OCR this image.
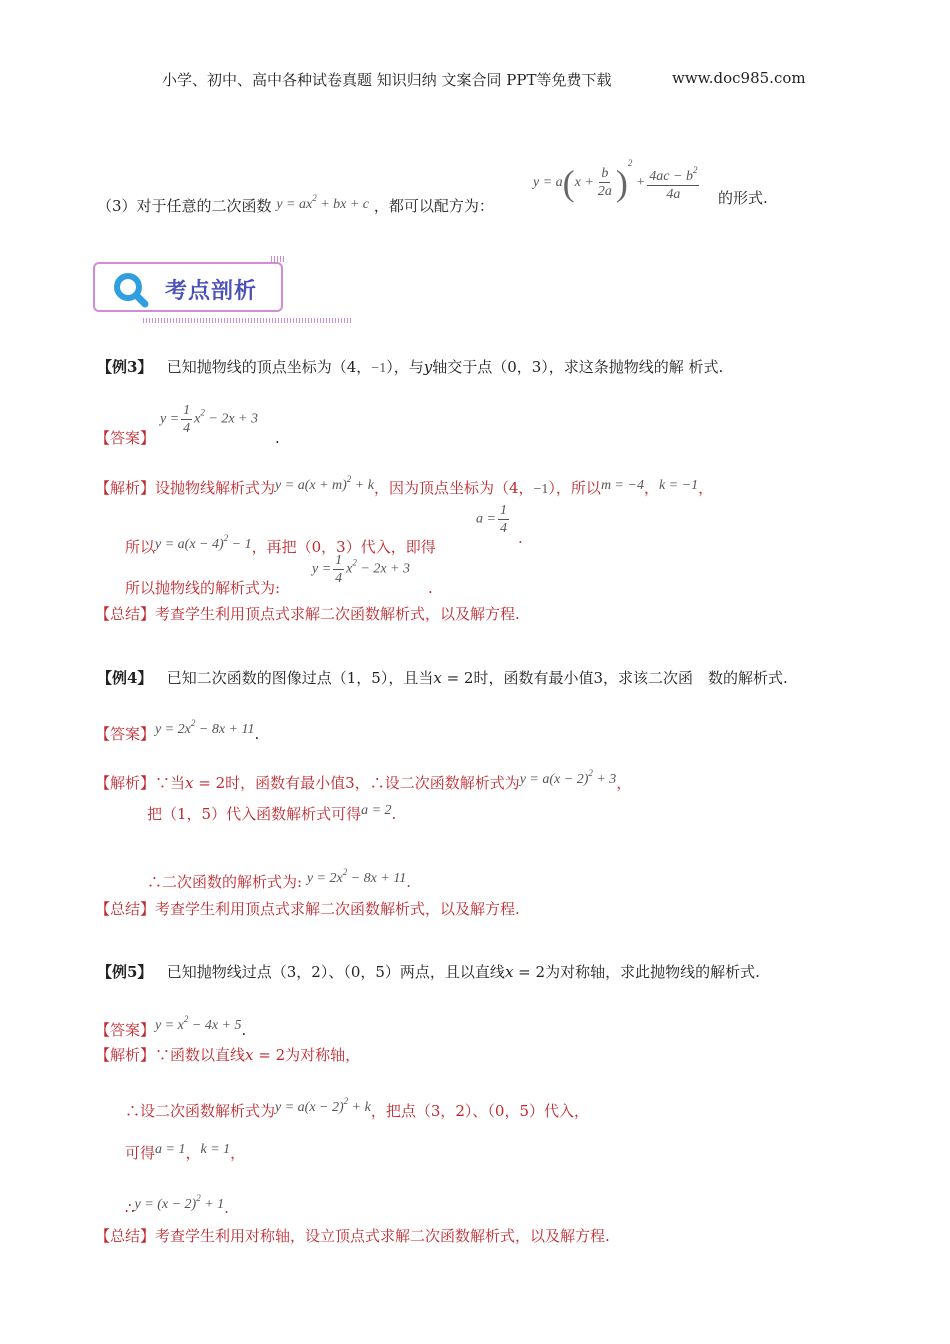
小学、初中、高中各种试卷真题 知识归纳 文案合同 PPT等免费下载	www.doc985.com
（3）对于任意的二次函数 $y = ax^2$ + bx + c ，都可以配方为：
$y = a(x + \frac{b}{2a} )^2 + \frac{4ac - b^2}{4a}$ 的形式.
考点剖析
【例3】 已知抛物线的顶点坐标为（4，−1），与y轴交于点（0，3），求这条抛物线的解 析式.
【答案】
$y = \frac{1}{4} x^2 - 2x + 3$
.
【解析】设抛物线解析式为$y = a(x + m)^2 + k$，因为顶点坐标为（4，−1），所以m = −4，k = −1，
所以$y = a(x - 4)^2 - 1$，再把（0，3）代入，即得
$a = \frac{1}{4}$
.
所以抛物线的解析式为:
$y = \frac{1}{4} x^2 - 2x + 3$
.
【总结】考查学生利用顶点式求解二次函数解析式，以及解方程.
【例4】 已知二次函数的图像过点（1，5），且当x = 2时，函数有最小值3，求该二次函　数的解析式.
【答案】$y = 2x^2 - 8x + 11$.
【解析】∵当x = 2时，函数有最小值3，∴设二次函数解析式为$y = a(x - 2)^2 + 3$，
把（1，5）代入函数解析式可得a = 2.
∴二次函数的解析式为: $y = 2x^2 - 8x + 11$.
【总结】考查学生利用顶点式求解二次函数解析式，以及解方程.
【例5】 已知抛物线过点（3，2）、（0，5）两点，且以直线x = 2为对称轴，求此抛物线的解析式.
【答案】$y = x^2 - 4x + 5$.
【解析】∵函数以直线x = 2为对称轴，
∴设二次函数解析式为$y = a(x - 2)^2 + k$，把点（3，2）、（0，5）代入，
可得a = 1，k = 1，
∴y = $(x - 2)^2 + 1$.
【总结】考查学生利用对称轴，设立顶点式求解二次函数解析式，以及解方程.
